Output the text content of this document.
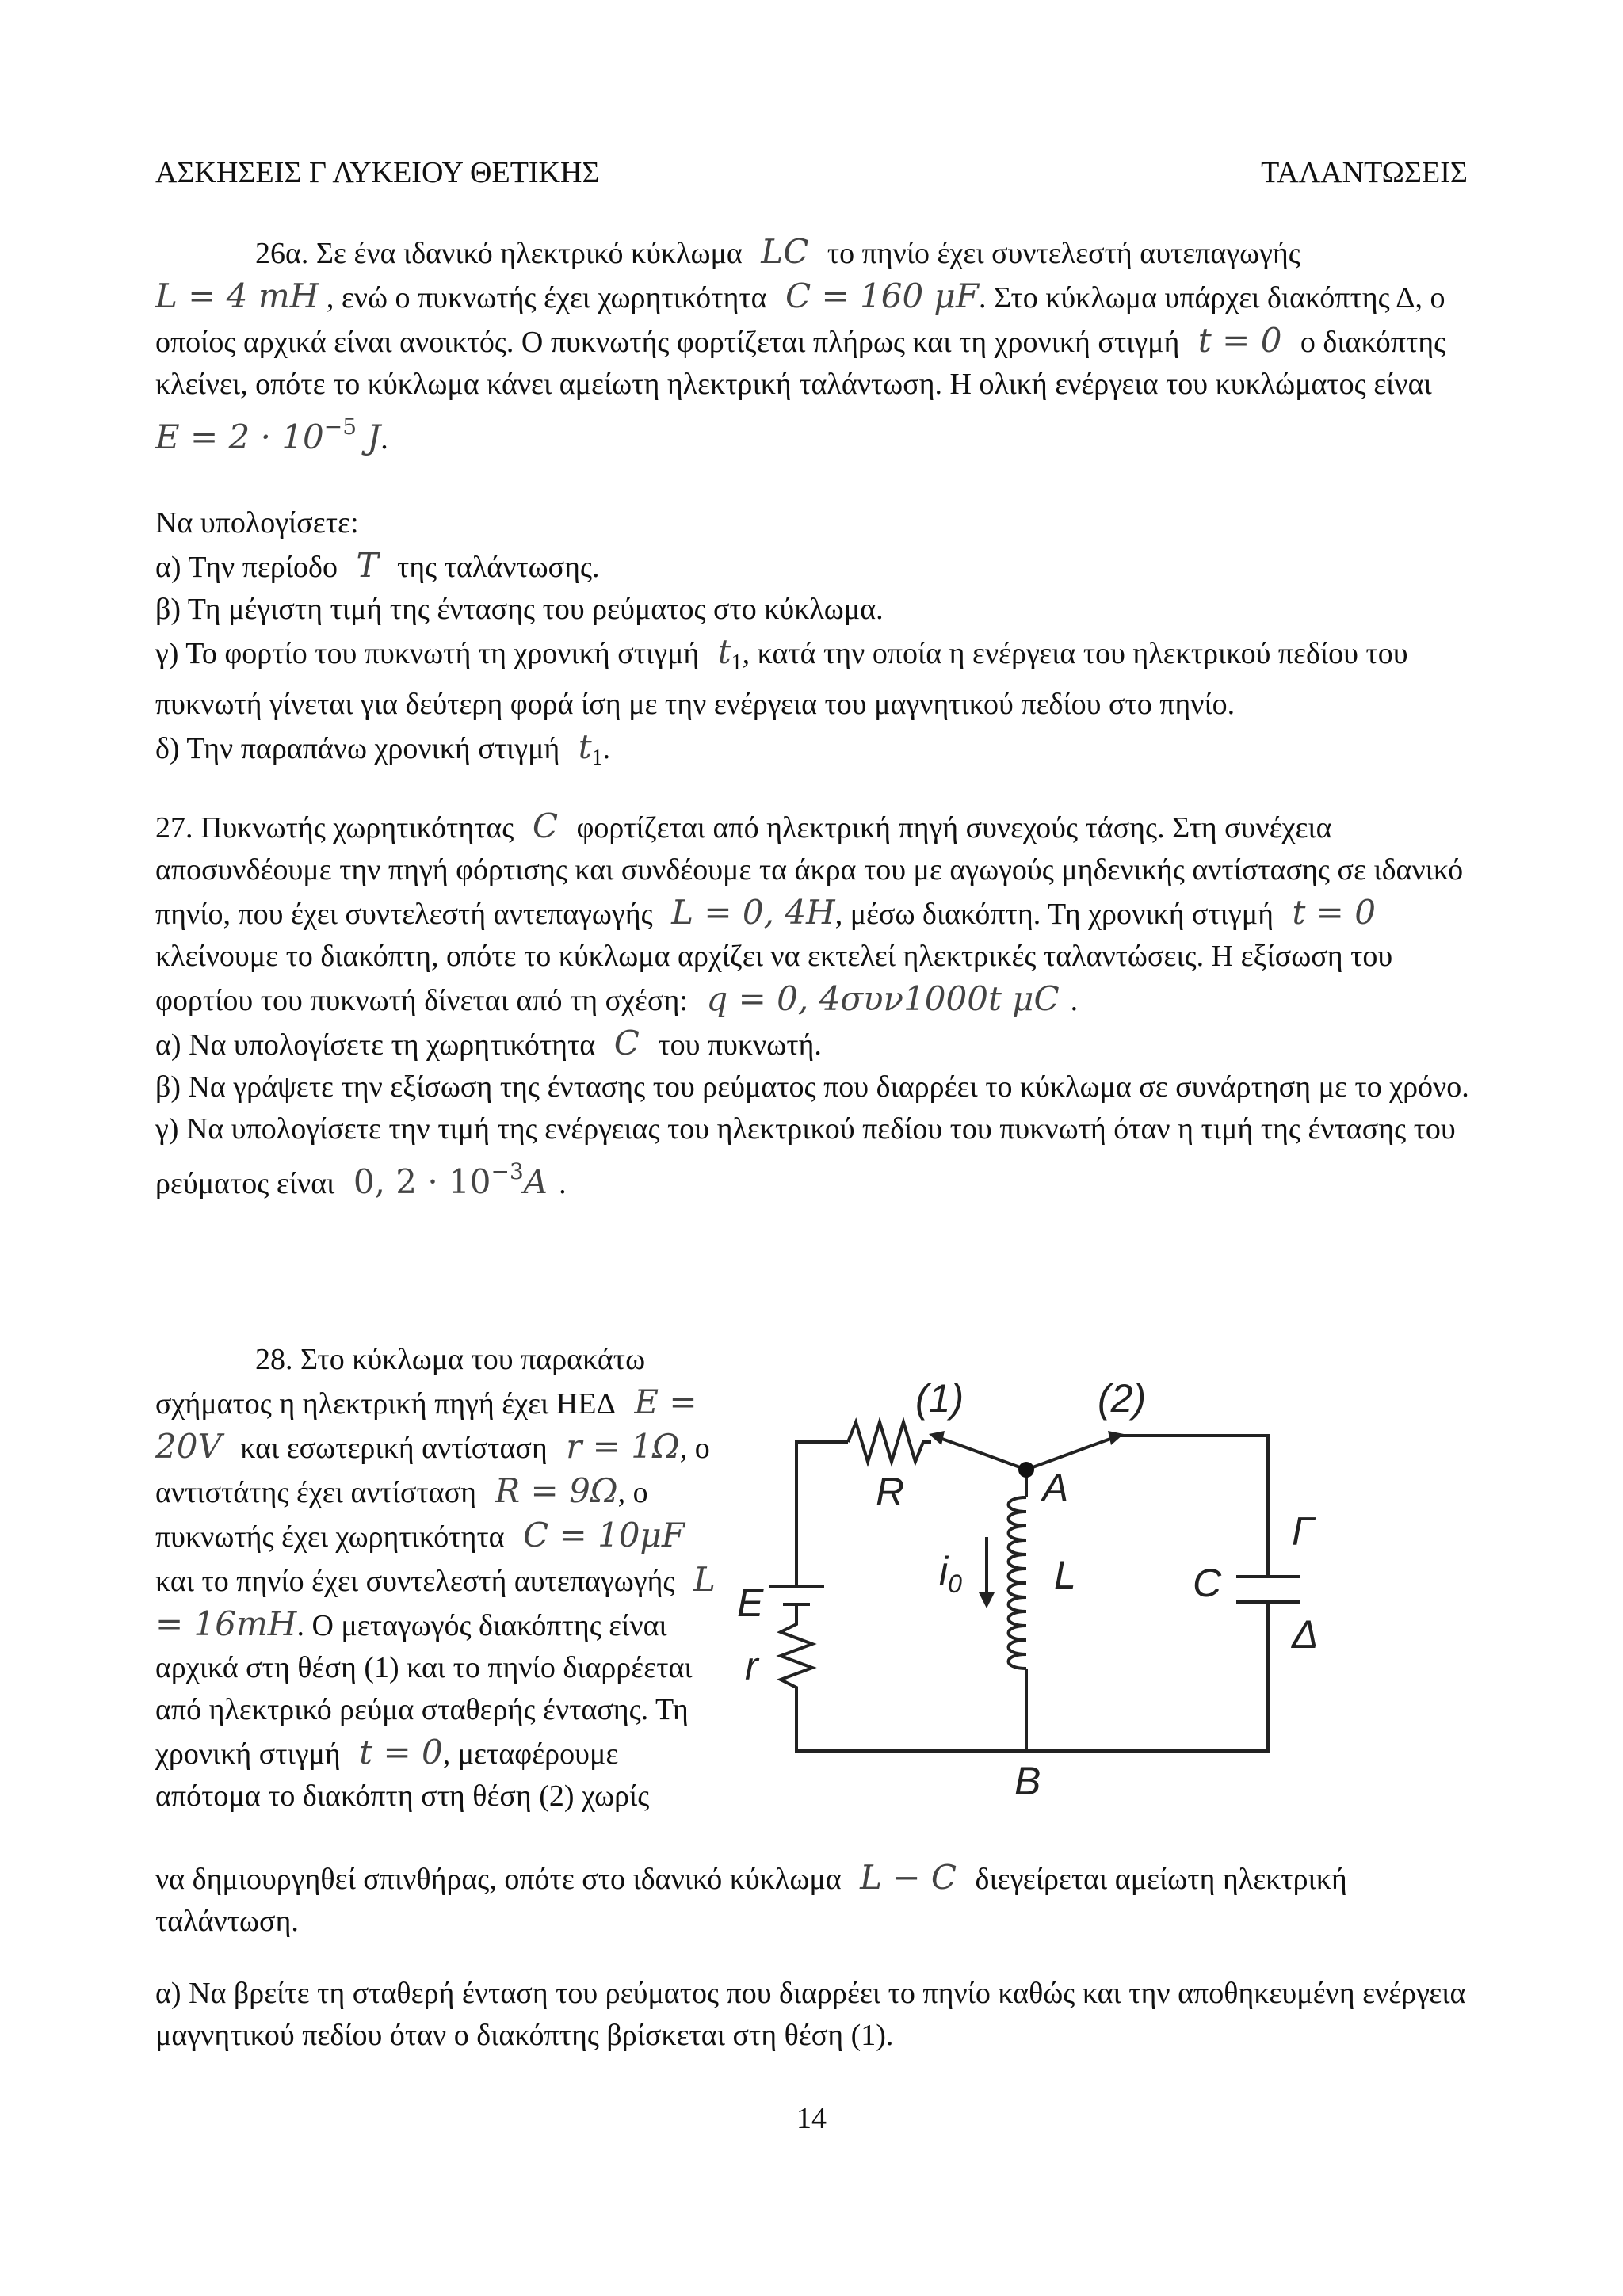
ΑΣΚΗΣΕΙΣ Γ ΛΥΚΕΙΟΥ ΘΕΤΙΚΗΣ	ΤΑΛΑΝΤΩΣΕΙΣ

26α. Σε ένα ιδανικό ηλεκτρικό κύκλωμα LC το πηνίο έχει συντελεστή αυτεπαγωγής
L = 4 mH , ενώ ο πυκνωτής έχει χωρητικότητα C = 160 μF. Στο κύκλωμα υπάρχει διακόπτης Δ, ο οποίος αρχικά είναι ανοικτός. Ο πυκνωτής φορτίζεται πλήρως και τη χρονική στιγμή t = 0 ο διακόπτης κλείνει, οπότε το κύκλωμα κάνει αμείωτη ηλεκτρική ταλάντωση. Η ολική ενέργεια του κυκλώματος είναι $E = 2 \cdot 10^{-5}$ J.

Να υπολογίσετε:

α) Την περίοδο T της ταλάντωσης.

β) Τη μέγιστη τιμή της έντασης του ρεύματος στο κύκλωμα.

γ) Το φορτίο του πυκνωτή τη χρονική στιγμή $t_1$, κατά την οποία η ενέργεια του ηλεκτρικού πεδίου του πυκνωτή γίνεται για δεύτερη φορά ίση με την ενέργεια του μαγνητικού πεδίου στο πηνίο.

δ) Την παραπάνω χρονική στιγμή $t_1$.

27. Πυκνωτής χωρητικότητας C φορτίζεται από ηλεκτρική πηγή συνεχούς τάσης. Στη συνέχεια αποσυνδέουμε την πηγή φόρτισης και συνδέουμε τα άκρα του με αγωγούς μηδενικής αντίστασης σε ιδανικό πηνίο, που έχει συντελεστή αντεπαγωγής L = 0, 4H, μέσω διακόπτη. Τη χρονική στιγμή t = 0 κλείνουμε το διακόπτη, οπότε το κύκλωμα αρχίζει να εκτελεί ηλεκτρικές ταλαντώσεις. Η εξίσωση του φορτίου του πυκνωτή δίνεται από τη σχέση: q = 0, 4συν1000t μC .

α) Να υπολογίσετε τη χωρητικότητα C του πυκνωτή.

β) Να γράψετε την εξίσωση της έντασης του ρεύματος που διαρρέει το κύκλωμα σε συνάρτηση με το χρόνο.

γ) Να υπολογίσετε την τιμή της ενέργειας του ηλεκτρικού πεδίου του πυκνωτή όταν η τιμή της έντασης του ρεύματος είναι 0, $2 \cdot 10^{-3}A$ .

28. Στο κύκλωμα του παρακάτω σχήματος η ηλεκτρική πηγή έχει ΗΕΔ E = 20V και εσωτερική αντίσταση r = 1Ω, ο αντιστάτης έχει αντίσταση R = 9Ω, ο πυκνωτής έχει χωρητικότητα C = 10μF και το πηνίο έχει συντελεστή αυτεπαγωγής L = 16mH. Ο μεταγωγός διακόπτης είναι αρχικά στη θέση (1) και το πηνίο διαρρέεται από ηλεκτρικό ρεύμα σταθερής έντασης. Τη χρονική στιγμή t = 0, μεταφέρουμε απότομα το διακόπτη στη θέση (2) χωρίς

να δημιουργηθεί σπινθήρας, οπότε στο ιδανικό κύκλωμα L − C διεγείρεται αμείωτη ηλεκτρική ταλάντωση.

α) Να βρείτε τη σταθερή ένταση του ρεύματος που διαρρέει το πηνίο καθώς και την αποθηκευμένη ενέργεια μαγνητικού πεδίου όταν ο διακόπτης βρίσκεται στη θέση (1).

(1)	(2)
R	A
L	C
Γ
Δ
E
r
$i_0$
B
14
